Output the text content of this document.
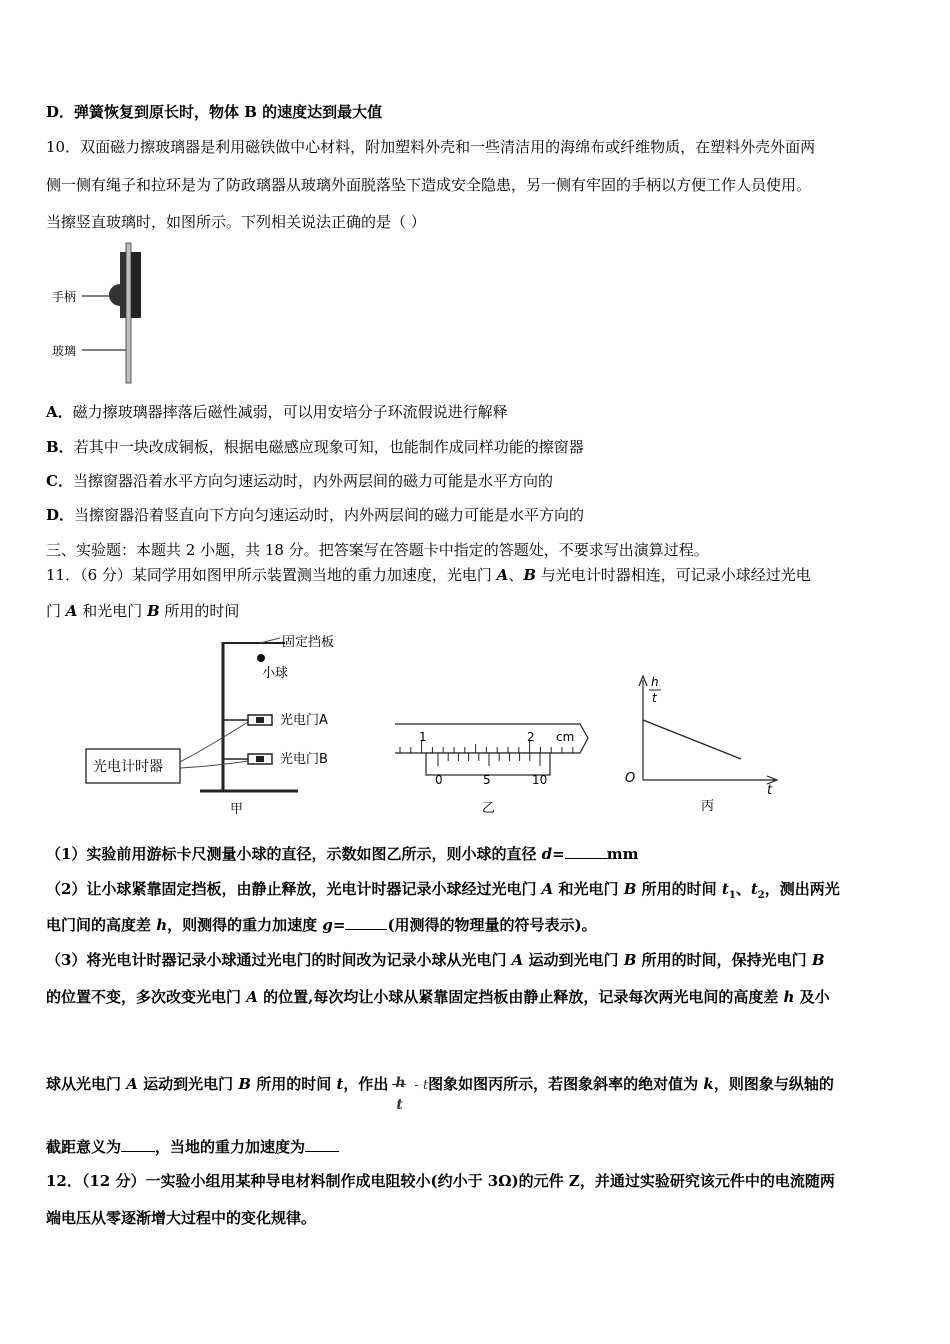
D．弹簧恢复到原长时，物体 B 的速度达到最大值
10．双面磁力擦玻璃器是利用磁铁做中心材料，附加塑料外壳和一些清洁用的海绵布或纤维物质，在塑料外壳外面两
侧一侧有绳子和拉环是为了防政璃器从玻璃外面脱落坠下造成安全隐患，另一侧有牢固的手柄以方便工作人员使用。
当擦竖直玻璃时，如图所示。下列相关说法正确的是（ ）
手柄
玻璃
A．磁力擦玻璃器摔落后磁性减弱，可以用安培分子环流假说进行解释
B．若其中一块改成铜板，根据电磁感应现象可知，也能制作成同样功能的擦窗器
C．当擦窗器沿着水平方向匀速运动时，内外两层间的磁力可能是水平方向的
D．当擦窗器沿着竖直向下方向匀速运动时，内外两层间的磁力可能是水平方向的
三、实验题：本题共 2 小题，共 18 分。把答案写在答题卡中指定的答题处，不要求写出演算过程。
11．（6 分）某同学用如图甲所示装置测当地的重力加速度，光电门 A、B 与光电计时器相连，可记录小球经过光电
门 A 和光电门 B 所用的时间
固定挡板
小球
光电门A
光电门B
光电计时器
甲
1	2 cm
0	5	10
乙
h
t
O
t
丙
（1）实验前用游标卡尺测量小球的直径，示数如图乙所示，则小球的直径 d=	mm
（2）让小球紧靠固定挡板，由静止释放，光电计时器记录小球经过光电门 A 和光电门 B 所用的时间 $t_1$、$t_2$，测出两光
电门间的高度差 h，则测得的重力加速度 g=	(用测得的物理量的符号表示)。
（3）将光电计时器记录小球通过光电门的时间改为记录小球从光电门 A 运动到光电门 B 所用的时间，保持光电门 B
的位置不变，多次改变光电门 A 的位置,每次均让小球从紧靠固定挡板由静止释放，记录每次两光电间的高度差 h 及小
球从光电门 A 运动到光电门 B 所用的时间 t，作出 h
t
- t图象如图丙所示，若图象斜率的绝对值为 k，则图象与纵轴的
截距意义为 ，当地的重力加速度为
12．（12 分）一实验小组用某种导电材料制作成电阻较小(约小于 3Ω)的元件 Z，并通过实验研究该元件中的电流随两
端电压从零逐渐增大过程中的变化规律。
